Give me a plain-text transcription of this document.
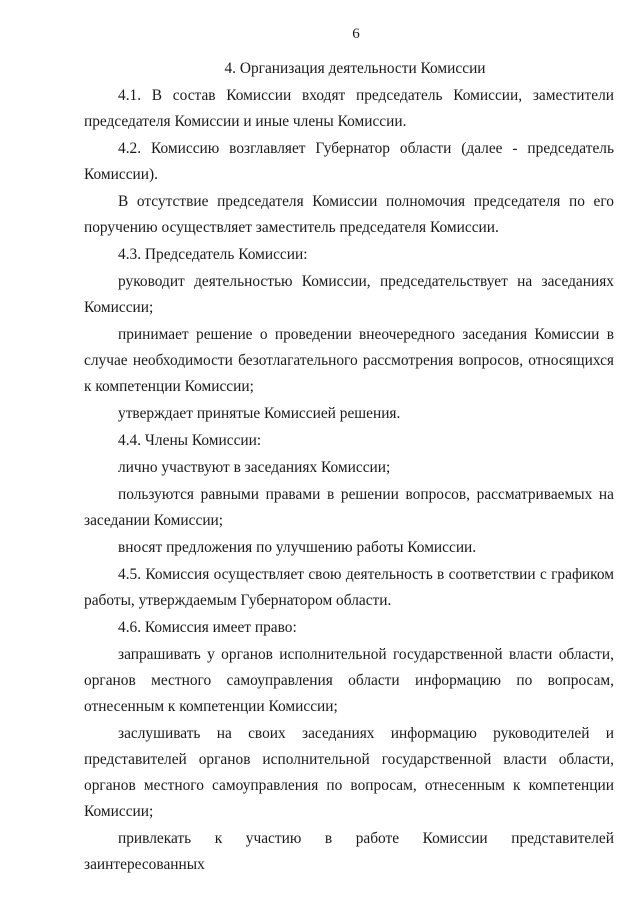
6
4. Организация деятельности Комиссии

4.1. В состав Комиссии входят председатель Комиссии, заместители председателя Комиссии и иные члены Комиссии.

4.2. Комиссию возглавляет Губернатор области (далее - председатель Комиссии).

В отсутствие председателя Комиссии полномочия председателя по его поручению осуществляет заместитель председателя Комиссии.

4.3. Председатель Комиссии:

руководит деятельностью Комиссии, председательствует на заседаниях Комиссии;

принимает решение о проведении внеочередного заседания Комиссии в случае необходимости безотлагательного рассмотрения вопросов, относящихся к компетенции Комиссии;

утверждает принятые Комиссией решения.

4.4. Члены Комиссии:

лично участвуют в заседаниях Комиссии;

пользуются равными правами в решении вопросов, рассматриваемых на заседании Комиссии;

вносят предложения по улучшению работы Комиссии.

4.5. Комиссия осуществляет свою деятельность в соответствии с графиком работы, утверждаемым Губернатором области.

4.6. Комиссия имеет право:

запрашивать у органов исполнительной государственной власти области, органов местного самоуправления области информацию по вопросам, отнесенным к компетенции Комиссии;

заслушивать на своих заседаниях информацию руководителей и представителей органов исполнительной государственной власти области, органов местного самоуправления по вопросам, отнесенным к компетенции Комиссии;

привлекать к участию в работе Комиссии представителей заинтересованных
